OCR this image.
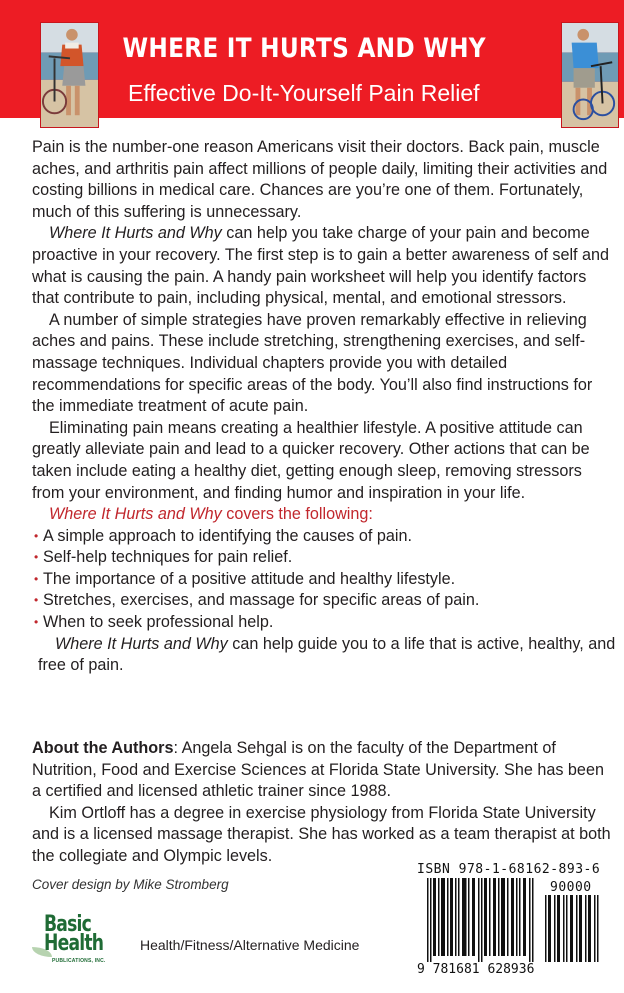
WHERE IT HURTS AND WHY
Effective Do-It-Yourself Pain Relief

Pain is the number-one reason Americans visit their doctors. Back pain, muscle aches, and arthritis pain affect millions of people daily, limiting their activities and costing billions in medical care. Chances are you’re one of them. Fortunately, much of this suffering is unnecessary.

Where It Hurts and Why can help you take charge of your pain and become proactive in your recovery. The first step is to gain a better awareness of self and what is causing the pain. A handy pain worksheet will help you identify factors that contribute to pain, including physical, mental, and emotional stressors.

A number of simple strategies have proven remarkably effective in relieving aches and pains. These include stretching, strengthening exercises, and self-massage techniques. Individual chapters provide you with detailed recommendations for specific areas of the body. You’ll also find instructions for the immediate treatment of acute pain.

Eliminating pain means creating a healthier lifestyle. A positive attitude can greatly alleviate pain and lead to a quicker recovery. Other actions that can be taken include eating a healthy diet, getting enough sleep, removing stressors from your environment, and finding humor and inspiration in your life.

Where It Hurts and Why covers the following:

• A simple approach to identifying the causes of pain.
• Self-help techniques for pain relief.
• The importance of a positive attitude and healthy lifestyle.
• Stretches, exercises, and massage for specific areas of pain.
• When to seek professional help.

Where It Hurts and Why can help guide you to a life that is active, healthy, and free of pain.

About the Authors: Angela Sehgal is on the faculty of the Department of Nutrition, Food and Exercise Sciences at Florida State University. She has been a certified and licensed athletic trainer since 1988.

Kim Ortloff has a degree in exercise physiology from Florida State University and is a licensed massage therapist. She has worked as a team therapist at both the collegiate and Olympic levels.

Cover design by Mike Stromberg
Basic
Health
PUBLICATIONS, INC.
Health/Fitness/Alternative Medicine
ISBN 978-1-68162-893-6
90000
9 781681 628936
